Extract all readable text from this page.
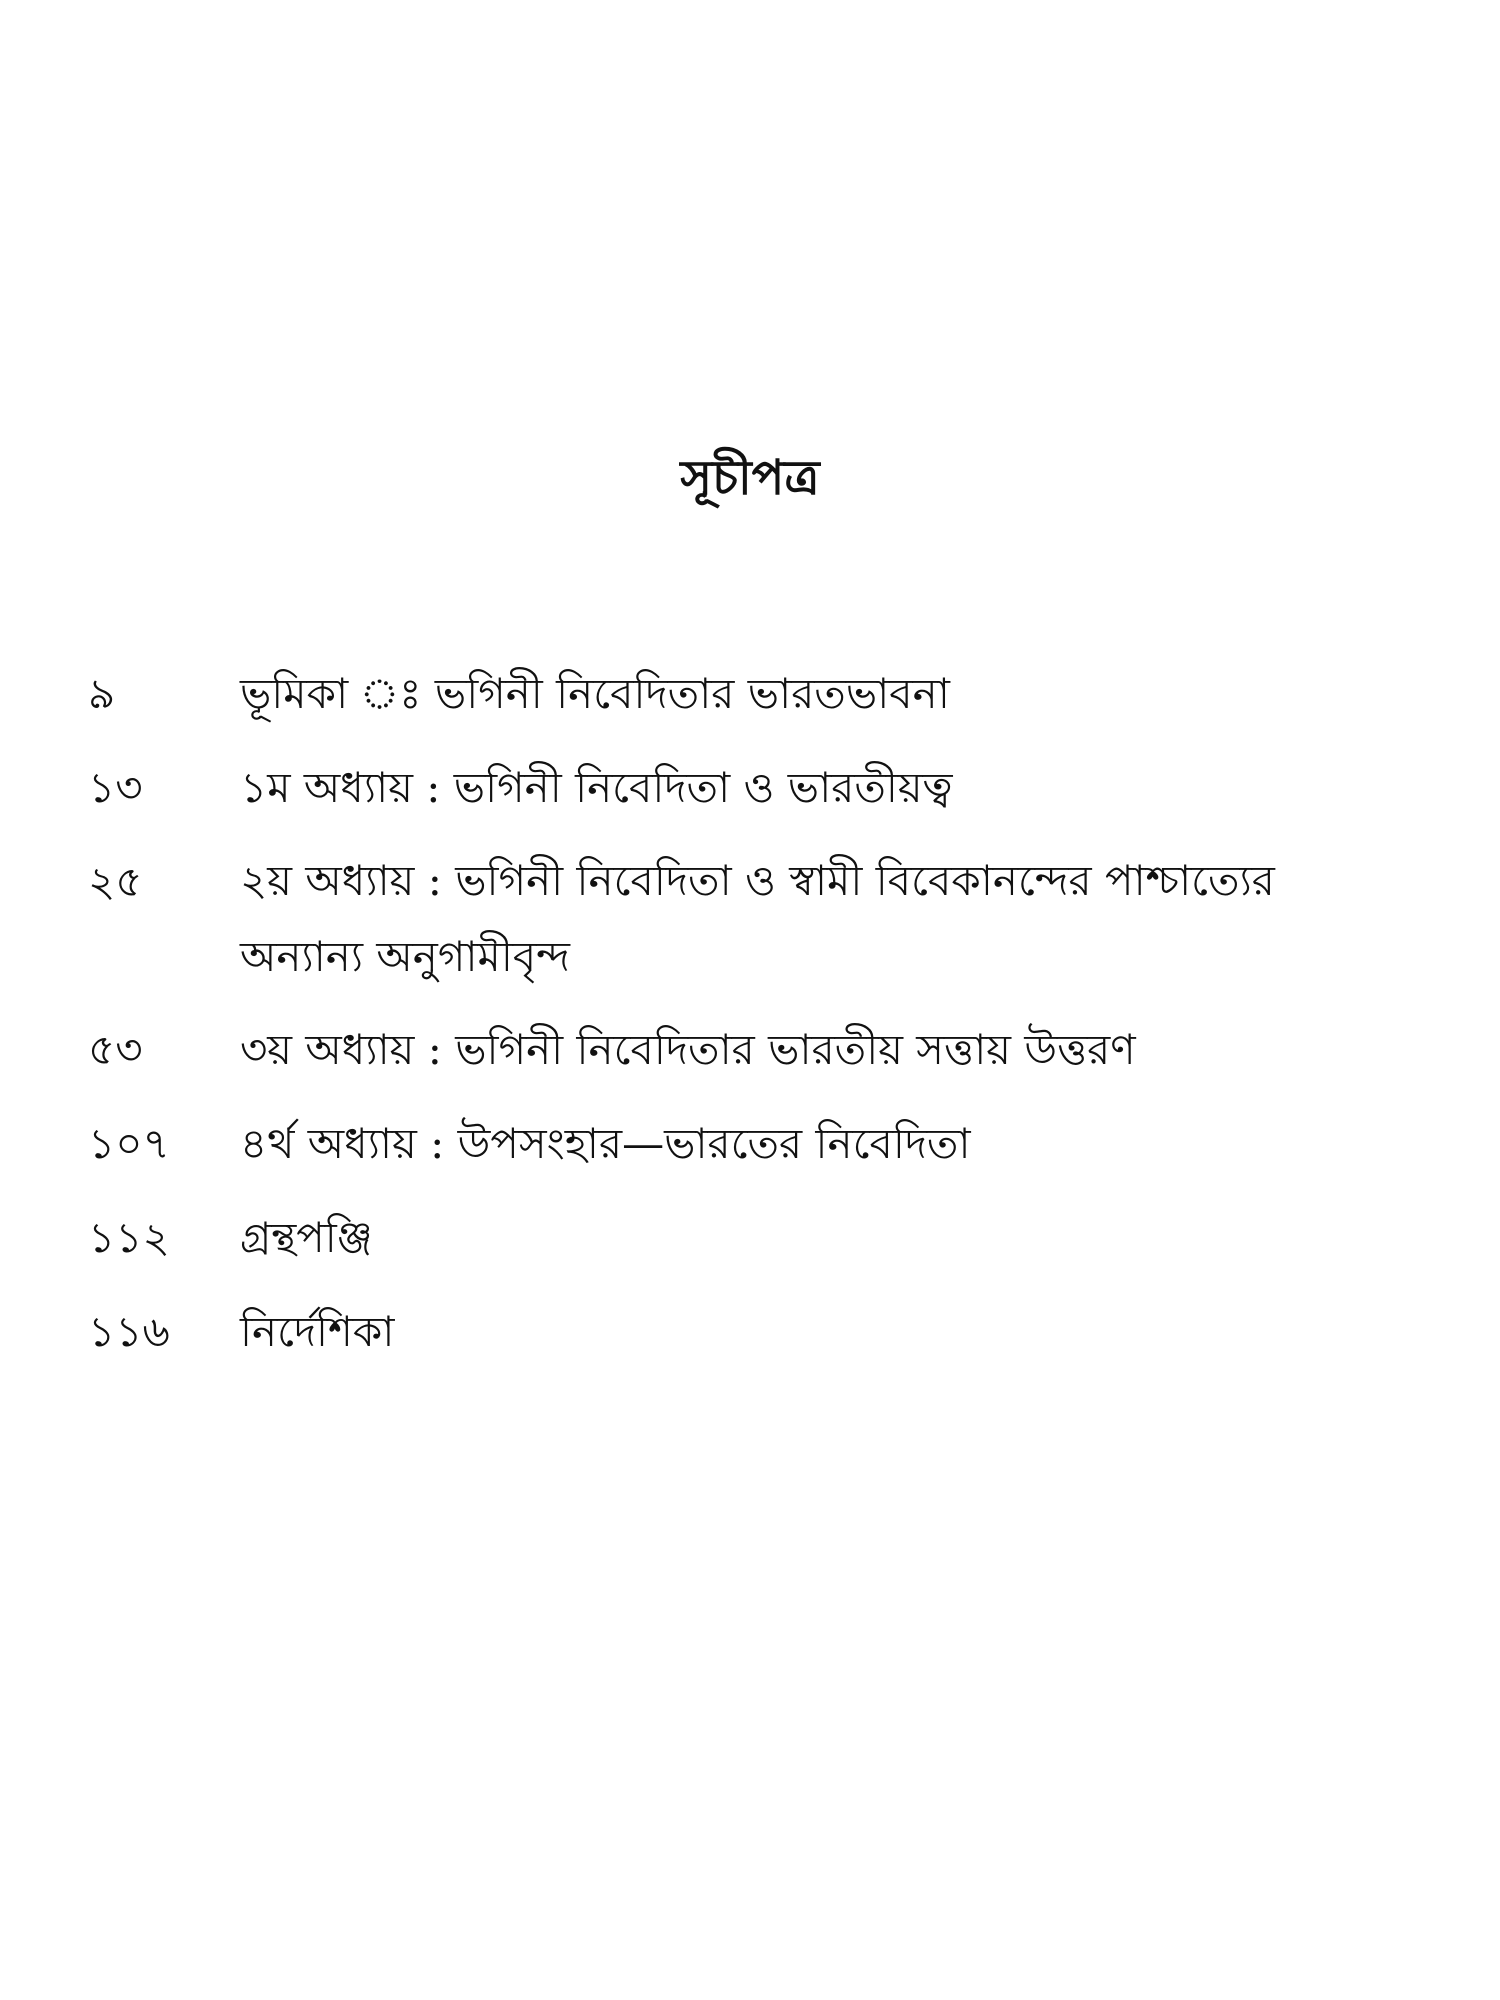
সূচীপত্র
৯	ভূমিকা ঃ ভগিনী নিবেদিতার ভারতভাবনা
১৩	১ম অধ্যায় : ভগিনী নিবেদিতা ও ভারতীয়ত্ব
২৫	২য় অধ্যায় : ভগিনী নিবেদিতা ও স্বামী বিবেকানন্দের পাশ্চাত্যের অন্যান্য অনুগামীবৃন্দ
৫৩	৩য় অধ্যায় : ভগিনী নিবেদিতার ভারতীয় সত্তায় উত্তরণ
১০৭	৪র্থ অধ্যায় : উপসংহার—ভারতের নিবেদিতা
১১২	গ্রন্থপঞ্জি
১১৬	নির্দেশিকা
